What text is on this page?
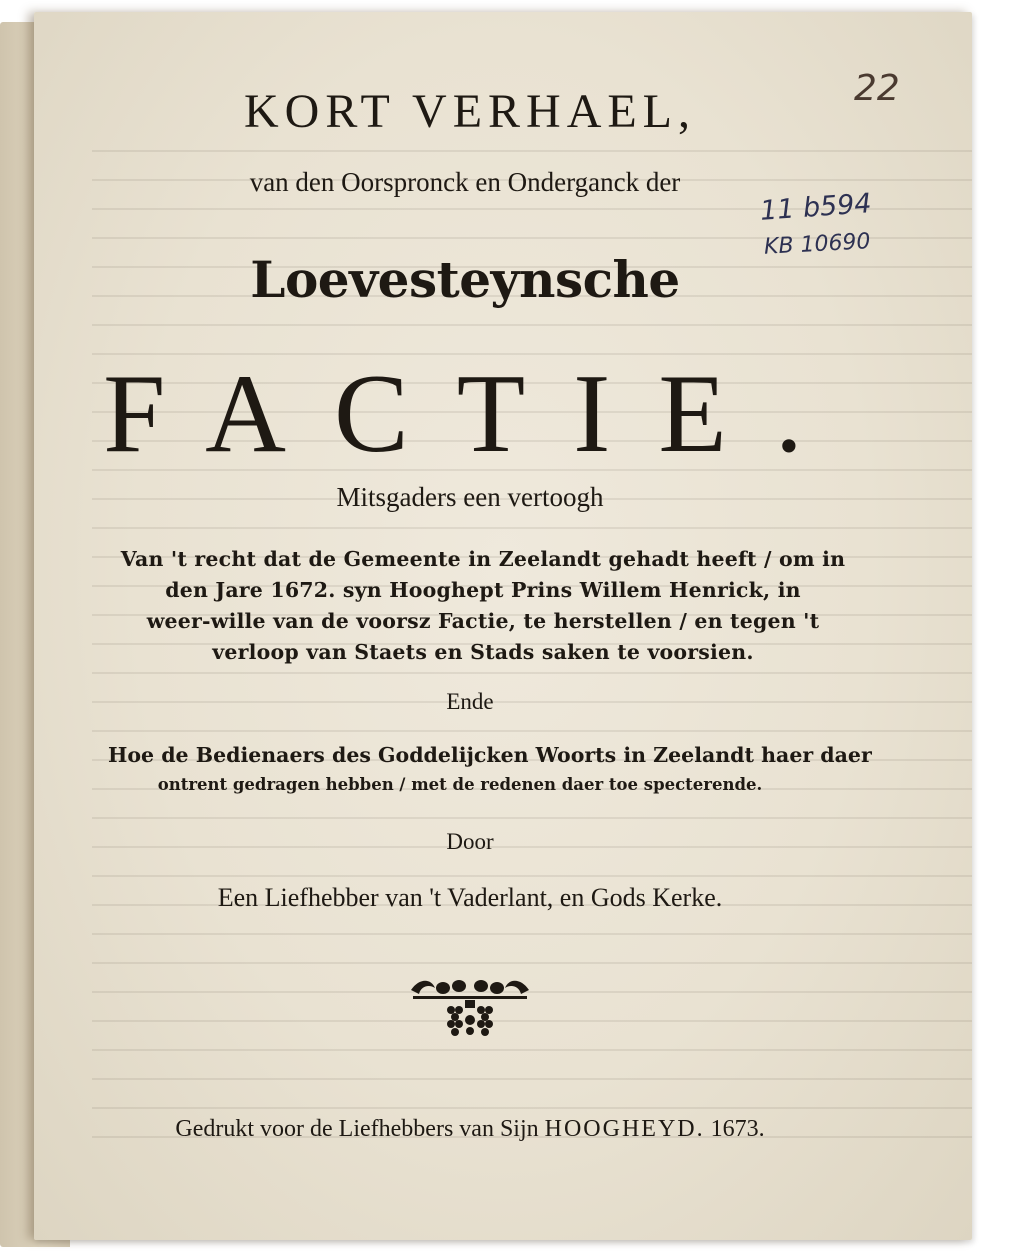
KORT VERHAEL,
van den Oorspronck en Onderganck der
Loevesteynsche
FACTIE.
Mitsgaders een vertoogh
Van 't recht dat de Gemeente in Zeelandt gehadt heeft / om in
den Jare 1672. syn Hooghept Prins Willem Henrick, in
weer-wille van de voorsz Factie, te herstellen / en tegen 't
verloop van Staets en Stads saken te voorsien.
Ende
Hoe de Bedienaers des Goddelijcken Woorts in Zeelandt haer daer
ontrent gedragen hebben / met de redenen daer toe specterende.
Door
Een Liefhebber van 't Vaderlant, en Gods Kerke.
Gedrukt voor de Liefhebbers van Sijn HOOGHEYD. 1673.
22
11 b594
KB 10690
